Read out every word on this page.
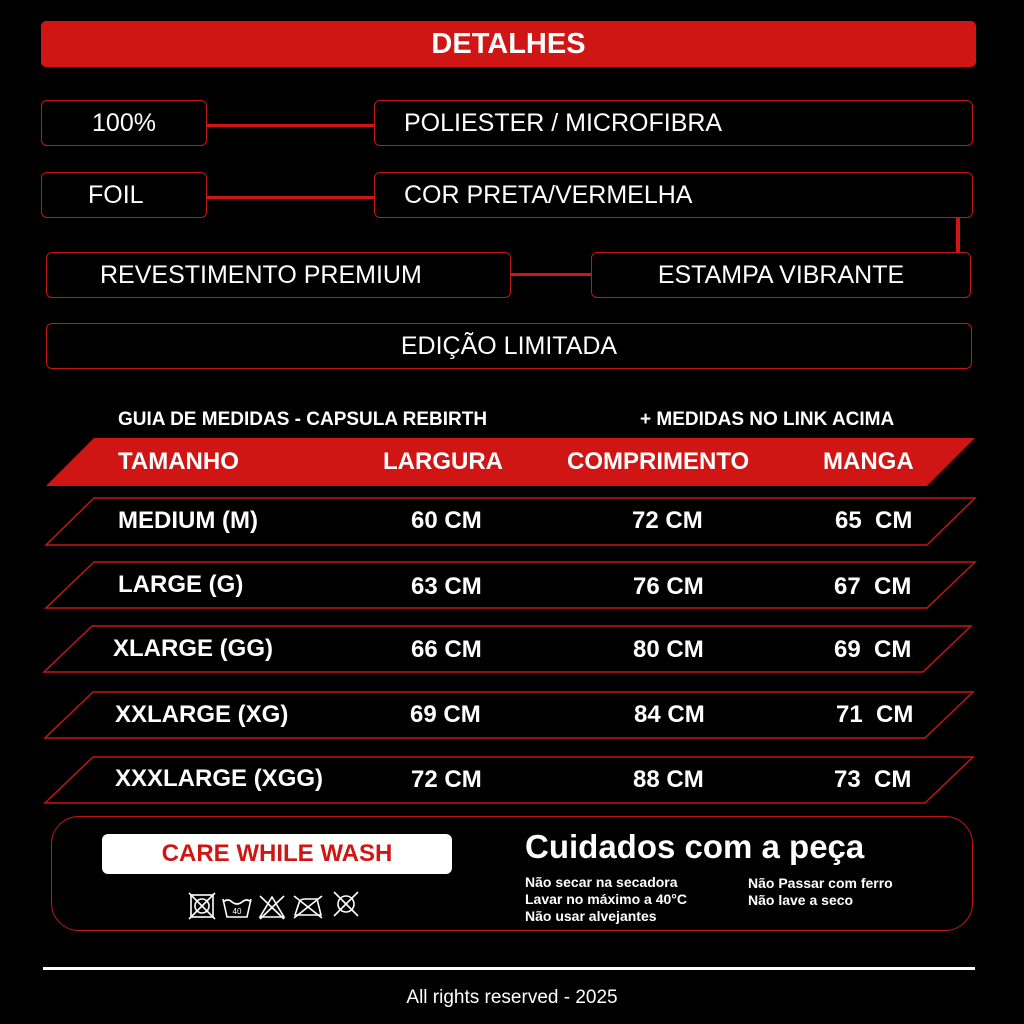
DETALHES
100%	POLIESTER / MICROFIBRA
FOIL	COR PRETA/VERMELHA
REVESTIMENTO PREMIUM	ESTAMPA VIBRANTE
EDIÇÃO LIMITADA
GUIA DE MEDIDAS - CAPSULA REBIRTH	+ MEDIDAS NO LINK ACIMA
TAMANHO	LARGURA	COMPRIMENTO	MANGA
MEDIUM (M)	60 CM	72 CM	65  CM
LARGE (G)	63 CM	76 CM	67  CM
XLARGE (GG)	66 CM	80 CM	69  CM
XXLARGE (XG)	69 CM	84 CM	71  CM
XXXLARGE (XGG)	72 CM	88 CM	73  CM
CARE WHILE WASH
40
Cuidados com a peça
Não secar na secadora
Lavar no máximo a 40°C
Não usar alvejantes
Não Passar com ferro
Não lave a seco
All rights reserved - 2025
